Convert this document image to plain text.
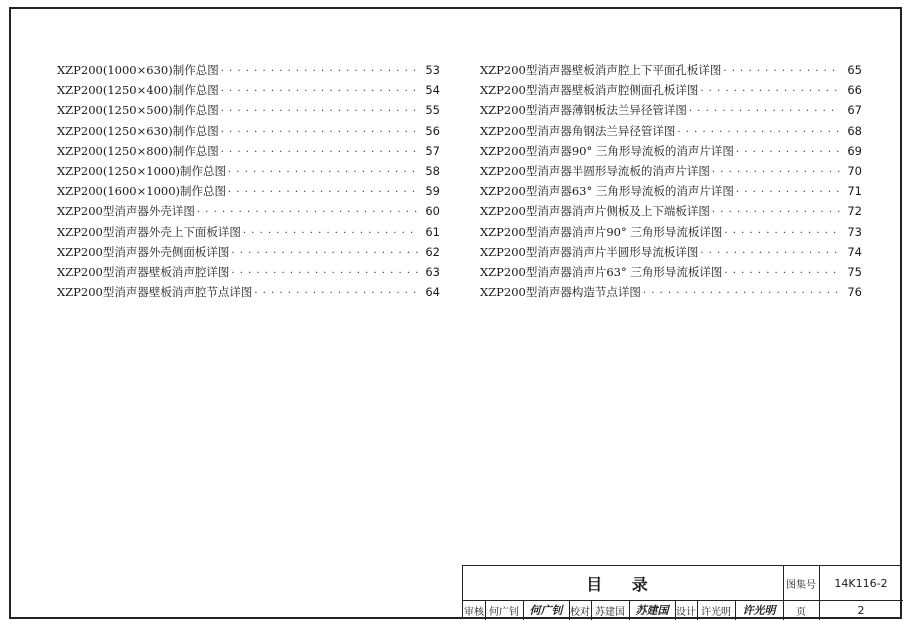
XZP200(1000×630)制作总图 · · ·	53
XZP200(1250×400)制作总图 · · ·	54
XZP200(1250×500)制作总图 · · ·	55
XZP200(1250×630)制作总图 · · ·	56
XZP200(1250×800)制作总图 · · ·	57
XZP200(1250×1000)制作总图 · · ·	58
XZP200(1600×1000)制作总图 · · ·	59
XZP200型消声器外壳详图 · · ·	60
XZP200型消声器外壳上下面板详图 · · ·	61
XZP200型消声器外壳侧面板详图 · · ·	62
XZP200型消声器壁板消声腔详图 · · ·	63
XZP200型消声器壁板消声腔节点详图 · · ·	64
XZP200型消声器壁板消声腔上下平面孔板详图 · · ·	65
XZP200型消声器壁板消声腔侧面孔板详图 · · ·	66
XZP200型消声器薄钢板法兰异径管详图 · · ·	67
XZP200型消声器角钢法兰异径管详图 · · ·	68
XZP200型消声器90° 三角形导流板的消声片详图 · · ·	69
XZP200型消声器半圆形导流板的消声片详图 · · ·	70
XZP200型消声器63° 三角形导流板的消声片详图 · · ·	71
XZP200型消声器消声片侧板及上下端板详图 · · ·	72
XZP200型消声器消声片90° 三角形导流板详图 · · ·	73
XZP200型消声器消声片半圆形导流板详图 · · ·	74
XZP200型消声器消声片63° 三角形导流板详图 · · ·	75
XZP200型消声器构造节点详图 · · ·	76
目 录	图集号	14K116-2
页	2
审核 何广钊 何广钊 校对 苏建国 苏建国 设计 许光明	许光明
